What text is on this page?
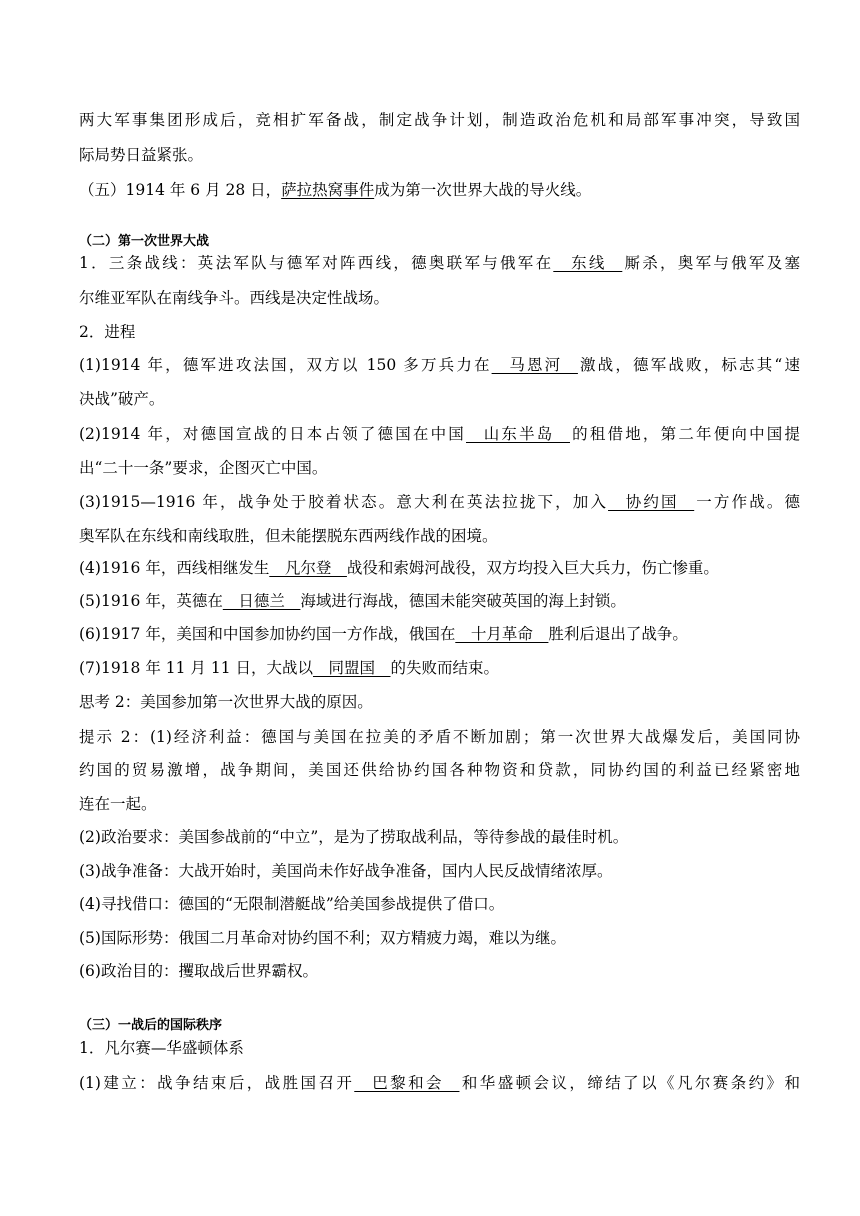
两大军事集团形成后，竞相扩军备战，制定战争计划，制造政治危机和局部军事冲突，导致国
际局势日益紧张。
（五）1914 年 6 月 28 日，萨拉热窝事件成为第一次世界大战的导火线。
（二）第一次世界大战
1．三条战线：英法军队与德军对阵西线，德奥联军与俄军在__东线__厮杀，奥军与俄军及塞
尔维亚军队在南线争斗。西线是决定性战场。
2．进程
(1)1914 年，德军进攻法国，双方以 150 多万兵力在__马恩河__激战，德军战败，标志其“速
决战”破产。
(2)1914 年，对德国宣战的日本占领了德国在中国__山东半岛__的租借地，第二年便向中国提
出“二十一条”要求，企图灭亡中国。
(3)1915—1916 年，战争处于胶着状态。意大利在英法拉拢下，加入__协约国__一方作战。德
奥军队在东线和南线取胜，但未能摆脱东西两线作战的困境。
(4)1916 年，西线相继发生__凡尔登__战役和索姆河战役，双方均投入巨大兵力，伤亡惨重。
(5)1916 年，英德在__日德兰__海域进行海战，德国未能突破英国的海上封锁。
(6)1917 年，美国和中国参加协约国一方作战，俄国在__十月革命__胜利后退出了战争。
(7)1918 年 11 月 11 日，大战以__同盟国__的失败而结束。
思考 2：美国参加第一次世界大战的原因。
提示 2：(1)经济利益：德国与美国在拉美的矛盾不断加剧；第一次世界大战爆发后，美国同协
约国的贸易激增，战争期间，美国还供给协约国各种物资和贷款，同协约国的利益已经紧密地
连在一起。
(2)政治要求：美国参战前的“中立”，是为了捞取战利品，等待参战的最佳时机。
(3)战争准备：大战开始时，美国尚未作好战争准备，国内人民反战情绪浓厚。
(4)寻找借口：德国的“无限制潜艇战”给美国参战提供了借口。
(5)国际形势：俄国二月革命对协约国不利；双方精疲力竭，难以为继。
(6)政治目的：攫取战后世界霸权。
（三）一战后的国际秩序
1．凡尔赛—华盛顿体系
(1)建立：战争结束后，战胜国召开__巴黎和会__和华盛顿会议，缔结了以《凡尔赛条约》和
